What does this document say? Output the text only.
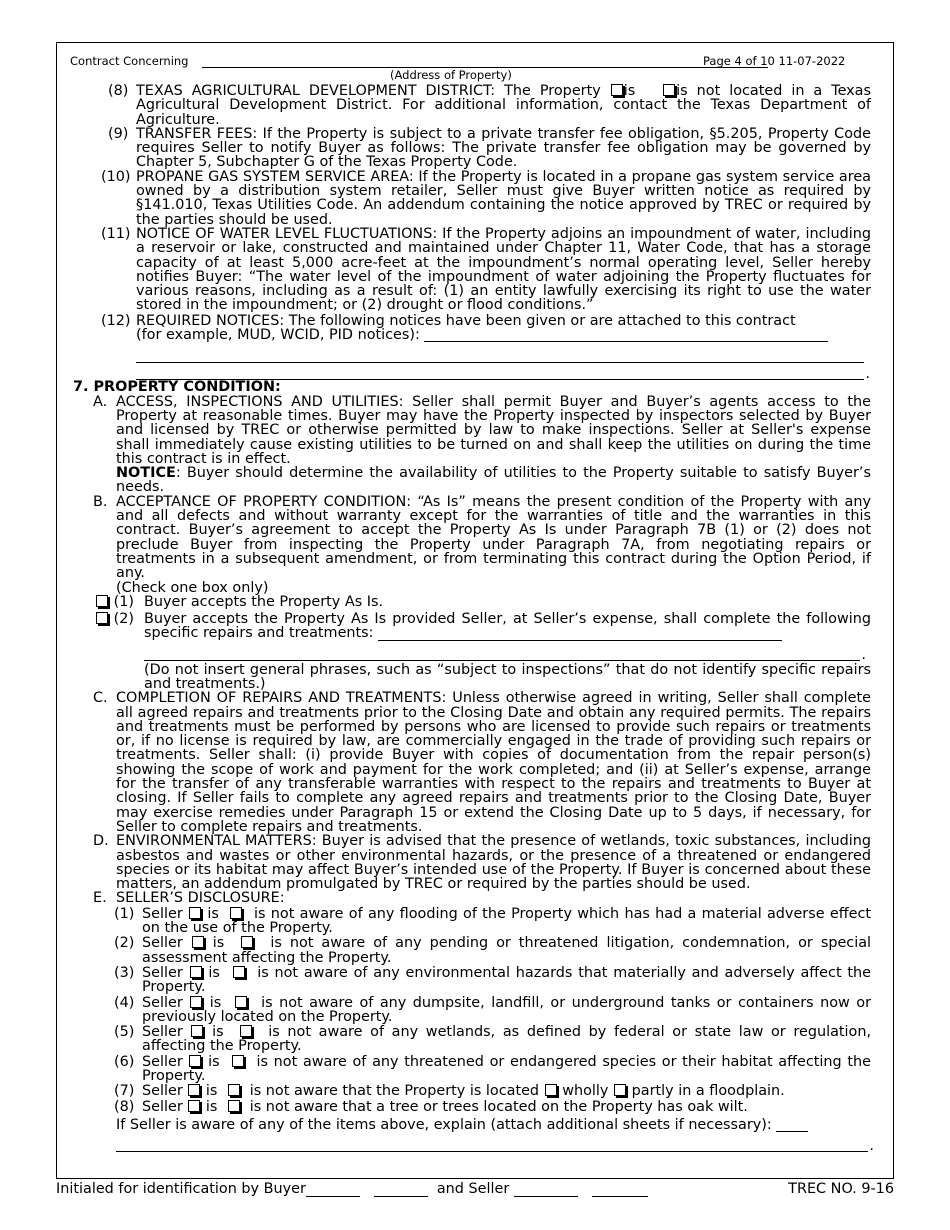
Contract Concerning	Page 4 of 10 11-07-2022
(Address of Property)
(8) TEXAS AGRICULTURAL DEVELOPMENT DISTRICT: The Property is	is not located in a Texas Agricultural Development District. For additional information, contact the Texas Department of Agriculture.
(9) TRANSFER FEES: If the Property is subject to a private transfer fee obligation, §5.205, Property Code requires Seller to notify Buyer as follows: The private transfer fee obligation may be governed by Chapter 5, Subchapter G of the Texas Property Code.
(10) PROPANE GAS SYSTEM SERVICE AREA: If the Property is located in a propane gas system service area owned by a distribution system retailer, Seller must give Buyer written notice as required by §141.010, Texas Utilities Code. An addendum containing the notice approved by TREC or required by the parties should be used.
(11) NOTICE OF WATER LEVEL FLUCTUATIONS: If the Property adjoins an impoundment of water, including a reservoir or lake, constructed and maintained under Chapter 11, Water Code, that has a storage capacity of at least 5,000 acre-feet at the impoundment’s normal operating level, Seller hereby notifies Buyer: “The water level of the impoundment of water adjoining the Property fluctuates for various reasons, including as a result of: (1) an entity lawfully exercising its right to use the water stored in the impoundment; or (2) drought or flood conditions.”
(12) REQUIRED NOTICES: The following notices have been given or are attached to this contract
(for example, MUD, WCID, PID notices):
.
7. PROPERTY CONDITION:
A. ACCESS, INSPECTIONS AND UTILITIES: Seller shall permit Buyer and Buyer’s agents access to the Property at reasonable times. Buyer may have the Property inspected by inspectors selected by Buyer and licensed by TREC or otherwise permitted by law to make inspections. Seller at Seller's expense shall immediately cause existing utilities to be turned on and shall keep the utilities on during the time this contract is in effect.
NOTICE: Buyer should determine the availability of utilities to the Property suitable to satisfy Buyer’s needs.
B. ACCEPTANCE OF PROPERTY CONDITION: “As Is” means the present condition of the Property with any and all defects and without warranty except for the warranties of title and the warranties in this contract. Buyer’s agreement to accept the Property As Is under Paragraph 7B (1) or (2) does not preclude Buyer from inspecting the Property under Paragraph 7A, from negotiating repairs or treatments in a subsequent amendment, or from terminating this contract during the Option Period, if any.
(Check one box only)
(1) Buyer accepts the Property As Is.
(2) Buyer accepts the Property As Is provided Seller, at Seller’s expense, shall complete the following specific repairs and treatments:
.
(Do not insert general phrases, such as “subject to inspections” that do not identify specific repairs and treatments.)
C. COMPLETION OF REPAIRS AND TREATMENTS: Unless otherwise agreed in writing, Seller shall complete all agreed repairs and treatments prior to the Closing Date and obtain any required permits. The repairs and treatments must be performed by persons who are licensed to provide such repairs or treatments or, if no license is required by law, are commercially engaged in the trade of providing such repairs or treatments. Seller shall: (i) provide Buyer with copies of documentation from the repair person(s) showing the scope of work and payment for the work completed; and (ii) at Seller’s expense, arrange for the transfer of any transferable warranties with respect to the repairs and treatments to Buyer at closing. If Seller fails to complete any agreed repairs and treatments prior to the Closing Date, Buyer may exercise remedies under Paragraph 15 or extend the Closing Date up to 5 days, if necessary, for Seller to complete repairs and treatments.
D. ENVIRONMENTAL MATTERS: Buyer is advised that the presence of wetlands, toxic substances, including asbestos and wastes or other environmental hazards, or the presence of a threatened or endangered species or its habitat may affect Buyer’s intended use of the Property. If Buyer is concerned about these matters, an addendum promulgated by TREC or required by the parties should be used.
E. SELLER’S DISCLOSURE:
(1) Seller is is not aware of any flooding of the Property which has had a material adverse effect on the use of the Property.
(2) Seller is	is not aware of any pending or threatened litigation, condemnation, or special assessment affecting the Property.
(3) Seller is	is not aware of any environmental hazards that materially and adversely affect the Property.
(4) Seller is	is not aware of any dumpsite, landfill, or underground tanks or containers now or previously located on the Property.
(5) Seller is	is not aware of any wetlands, as defined by federal or state law or regulation, affecting the Property.
(6) Seller is	is not aware of any threatened or endangered species or their habitat affecting the Property.
(7) Seller is is not aware that the Property is located wholly partly in a floodplain.
(8) Seller is is not aware that a tree or trees located on the Property has oak wilt.
If Seller is aware of any of the items above, explain (attach additional sheets if necessary):
.
Initialed for identification by Buyer	and Seller	TREC NO. 9-16
